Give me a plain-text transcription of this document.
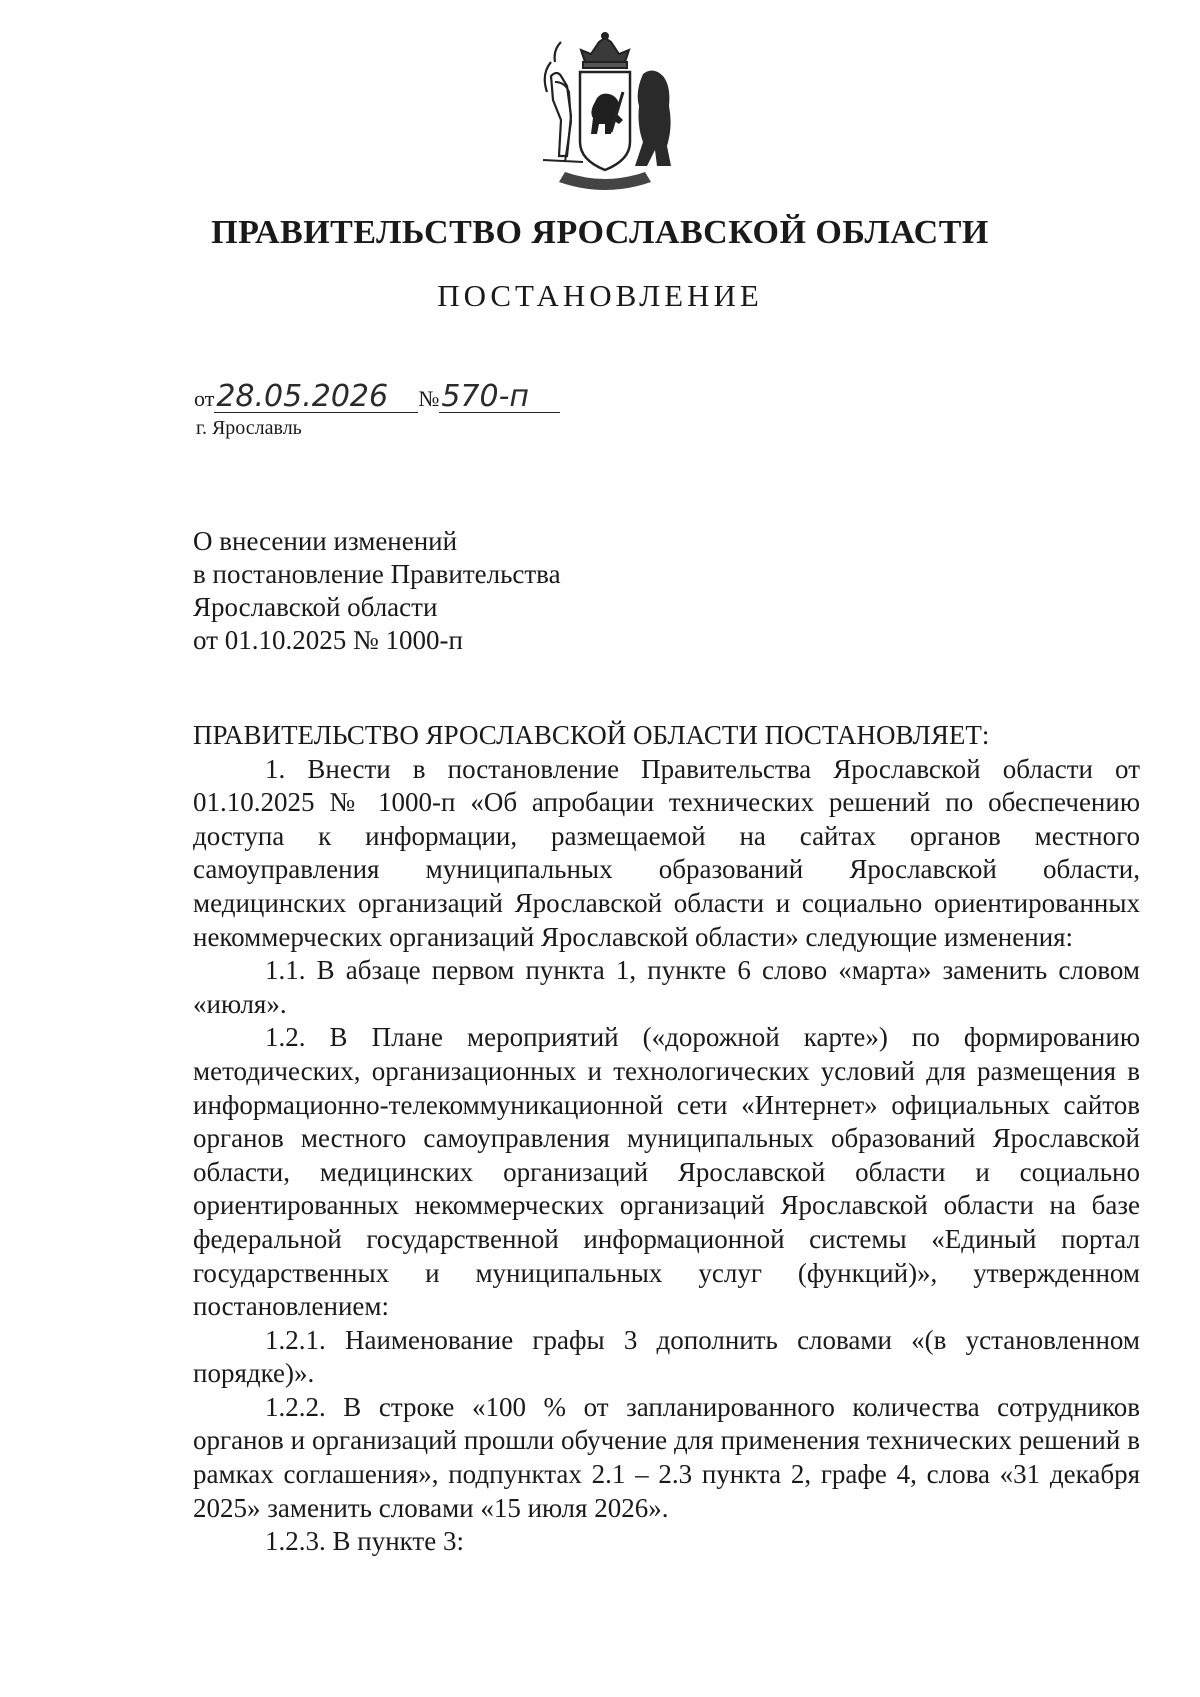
ПРАВИТЕЛЬСТВО ЯРОСЛАВСКОЙ ОБЛАСТИ
ПОСТАНОВЛЕНИЕ
от28.05.2026 №570-п
г. Ярославль
О внесении изменений
в постановление Правительства
Ярославской области
от 01.10.2025 № 1000-п

ПРАВИТЕЛЬСТВО ЯРОСЛАВСКОЙ ОБЛАСТИ ПОСТАНОВЛЯЕТ:

1. Внести в постановление Правительства Ярославской области от 01.10.2025 № 1000-п «Об апробации технических решений по обеспечению доступа к информации, размещаемой на сайтах органов местного самоуправления муниципальных образований Ярославской области, медицинских организаций Ярославской области и социально ориентированных некоммерческих организаций Ярославской области» следующие изменения:

1.1. В абзаце первом пункта 1, пункте 6 слово «марта» заменить словом «июля».

1.2. В Плане мероприятий («дорожной карте») по формированию методических, организационных и технологических условий для размещения в информационно-телекоммуникационной сети «Интернет» официальных сайтов органов местного самоуправления муниципальных образований Ярославской области, медицинских организаций Ярославской области и социально ориентированных некоммерческих организаций Ярославской области на базе федеральной государственной информационной системы «Единый портал государственных и муниципальных услуг (функций)», утвержденном постановлением:

1.2.1. Наименование графы 3 дополнить словами «(в установленном порядке)».

1.2.2. В строке «100 % от запланированного количества сотрудников органов и организаций прошли обучение для применения технических решений в рамках соглашения», подпунктах 2.1 – 2.3 пункта 2, графе 4, слова «31 декабря 2025» заменить словами «15 июля 2026».

1.2.3. В пункте 3:
